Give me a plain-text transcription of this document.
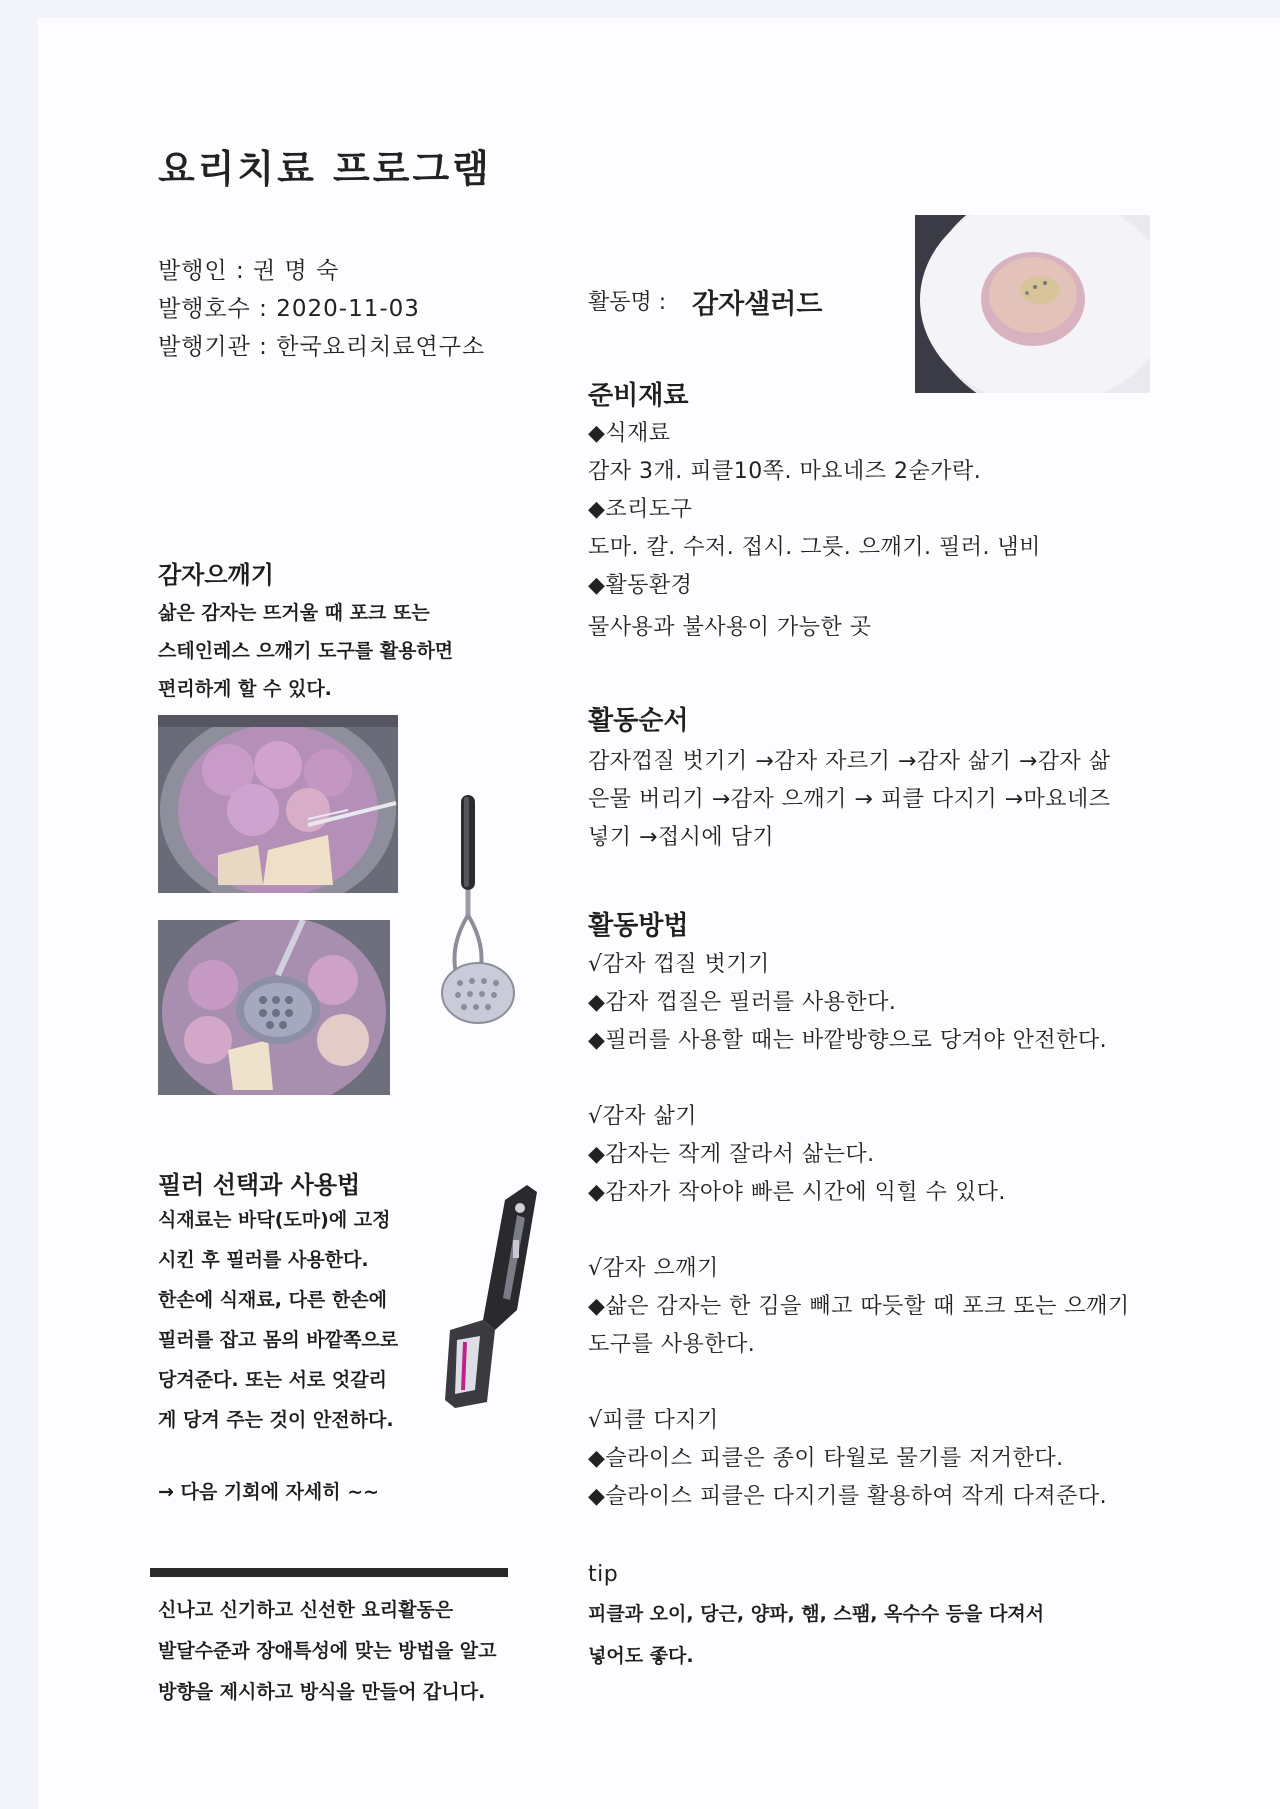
요리치료 프로그램
발행인 : 권 명 숙
발행호수 : 2020-11-03
발행기관 : 한국요리치료연구소
감자으깨기
삶은 감자는 뜨거울 때 포크 또는
스테인레스 으깨기 도구를 활용하면
편리하게 할 수 있다.
필러 선택과 사용법
식재료는 바닥(도마)에 고정
시킨 후 필러를 사용한다.
한손에 식재료, 다른 한손에
필러를 잡고 몸의 바깥쪽으로
당겨준다. 또는 서로 엇갈리
게 당겨 주는 것이 안전하다.
→ 다음 기회에 자세히 ~~
신나고 신기하고 신선한 요리활동은
발달수준과 장애특성에 맞는 방법을 알고
방향을 제시하고 방식을 만들어 갑니다.
활동명 : 감자샐러드
준비재료
◆식재료
감자 3개. 피클10쪽. 마요네즈 2숟가락.
◆조리도구
도마. 칼. 수저. 접시. 그릇. 으깨기. 필러. 냄비
◆활동환경
물사용과 불사용이 가능한 곳
활동순서
감자껍질 벗기기 →감자 자르기 →감자 삶기 →감자 삶
은물 버리기 →감자 으깨기 → 피클 다지기 →마요네즈
넣기 →접시에 담기
활동방법
√감자 껍질 벗기기
◆감자 껍질은 필러를 사용한다.
◆필러를 사용할 때는 바깥방향으로 당겨야 안전한다.
√감자 삶기
◆감자는 작게 잘라서 삶는다.
◆감자가 작아야 빠른 시간에 익힐 수 있다.
√감자 으깨기
◆삶은 감자는 한 김을 빼고 따듯할 때 포크 또는 으깨기
도구를 사용한다.
√피클 다지기
◆슬라이스 피클은 종이 타월로 물기를 저거한다.
◆슬라이스 피클은 다지기를 활용하여 작게 다져준다.
tip
피클과 오이, 당근, 양파, 햄, 스팸, 옥수수 등을 다져서
넣어도 좋다.
